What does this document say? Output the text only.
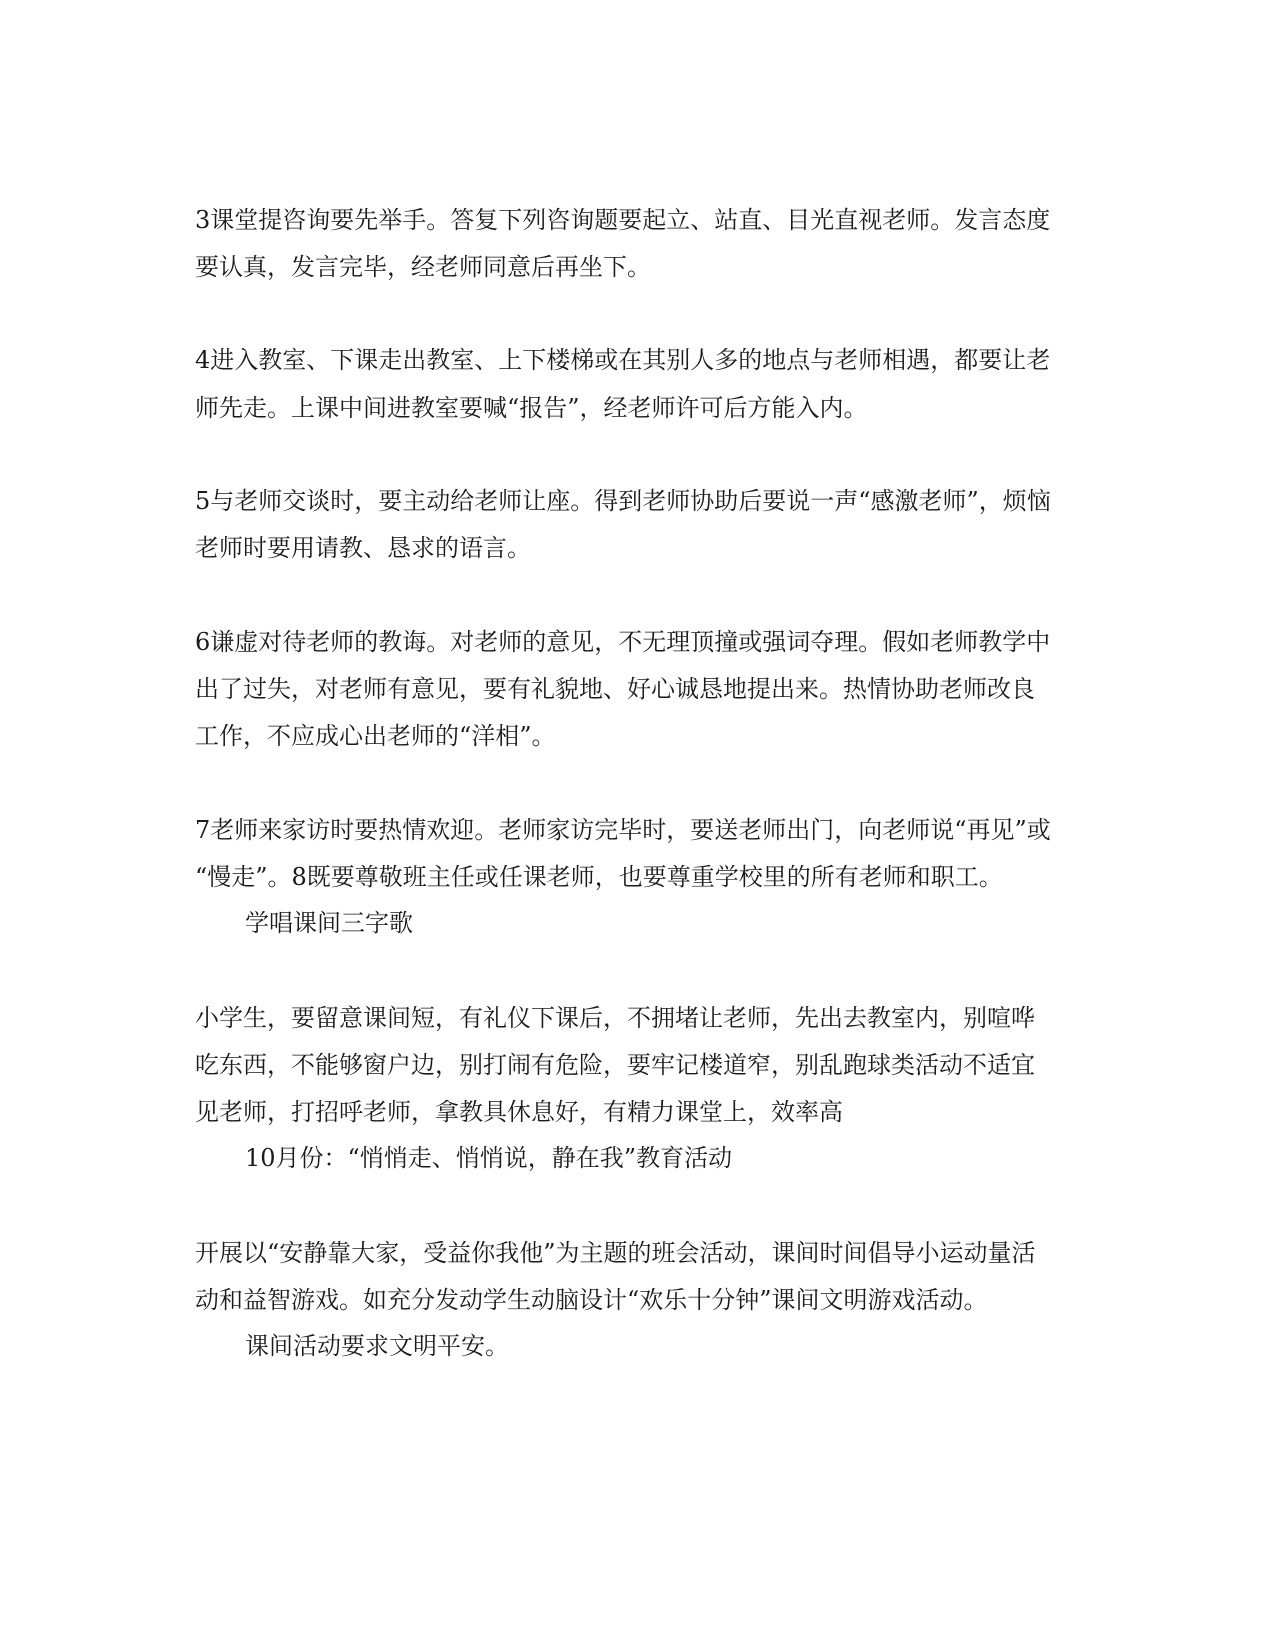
3课堂提咨询要先举手。答复下列咨询题要起立、站直、目光直视老师。发言态度
要认真，发言完毕，经老师同意后再坐下。
4进入教室、下课走出教室、上下楼梯或在其别人多的地点与老师相遇，都要让老
师先走。上课中间进教室要喊“报告”，经老师许可后方能入内。
5与老师交谈时，要主动给老师让座。得到老师协助后要说一声“感激老师”，烦恼
老师时要用请教、恳求的语言。
6谦虚对待老师的教诲。对老师的意见，不无理顶撞或强词夺理。假如老师教学中
出了过失，对老师有意见，要有礼貌地、好心诚恳地提出来。热情协助老师改良
工作，不应成心出老师的“洋相”。
7老师来家访时要热情欢迎。老师家访完毕时，要送老师出门，向老师说“再见”或
“慢走”。8既要尊敬班主任或任课老师，也要尊重学校里的所有老师和职工。
学唱课间三字歌
小学生，要留意课间短，有礼仪下课后，不拥堵让老师，先出去教室内，别喧哗
吃东西，不能够窗户边，别打闹有危险，要牢记楼道窄，别乱跑球类活动不适宜
见老师，打招呼老师，拿教具休息好，有精力课堂上，效率高
10月份：“悄悄走、悄悄说，静在我”教育活动
开展以“安静靠大家，受益你我他”为主题的班会活动，课间时间倡导小运动量活
动和益智游戏。如充分发动学生动脑设计“欢乐十分钟”课间文明游戏活动。
课间活动要求文明平安。
